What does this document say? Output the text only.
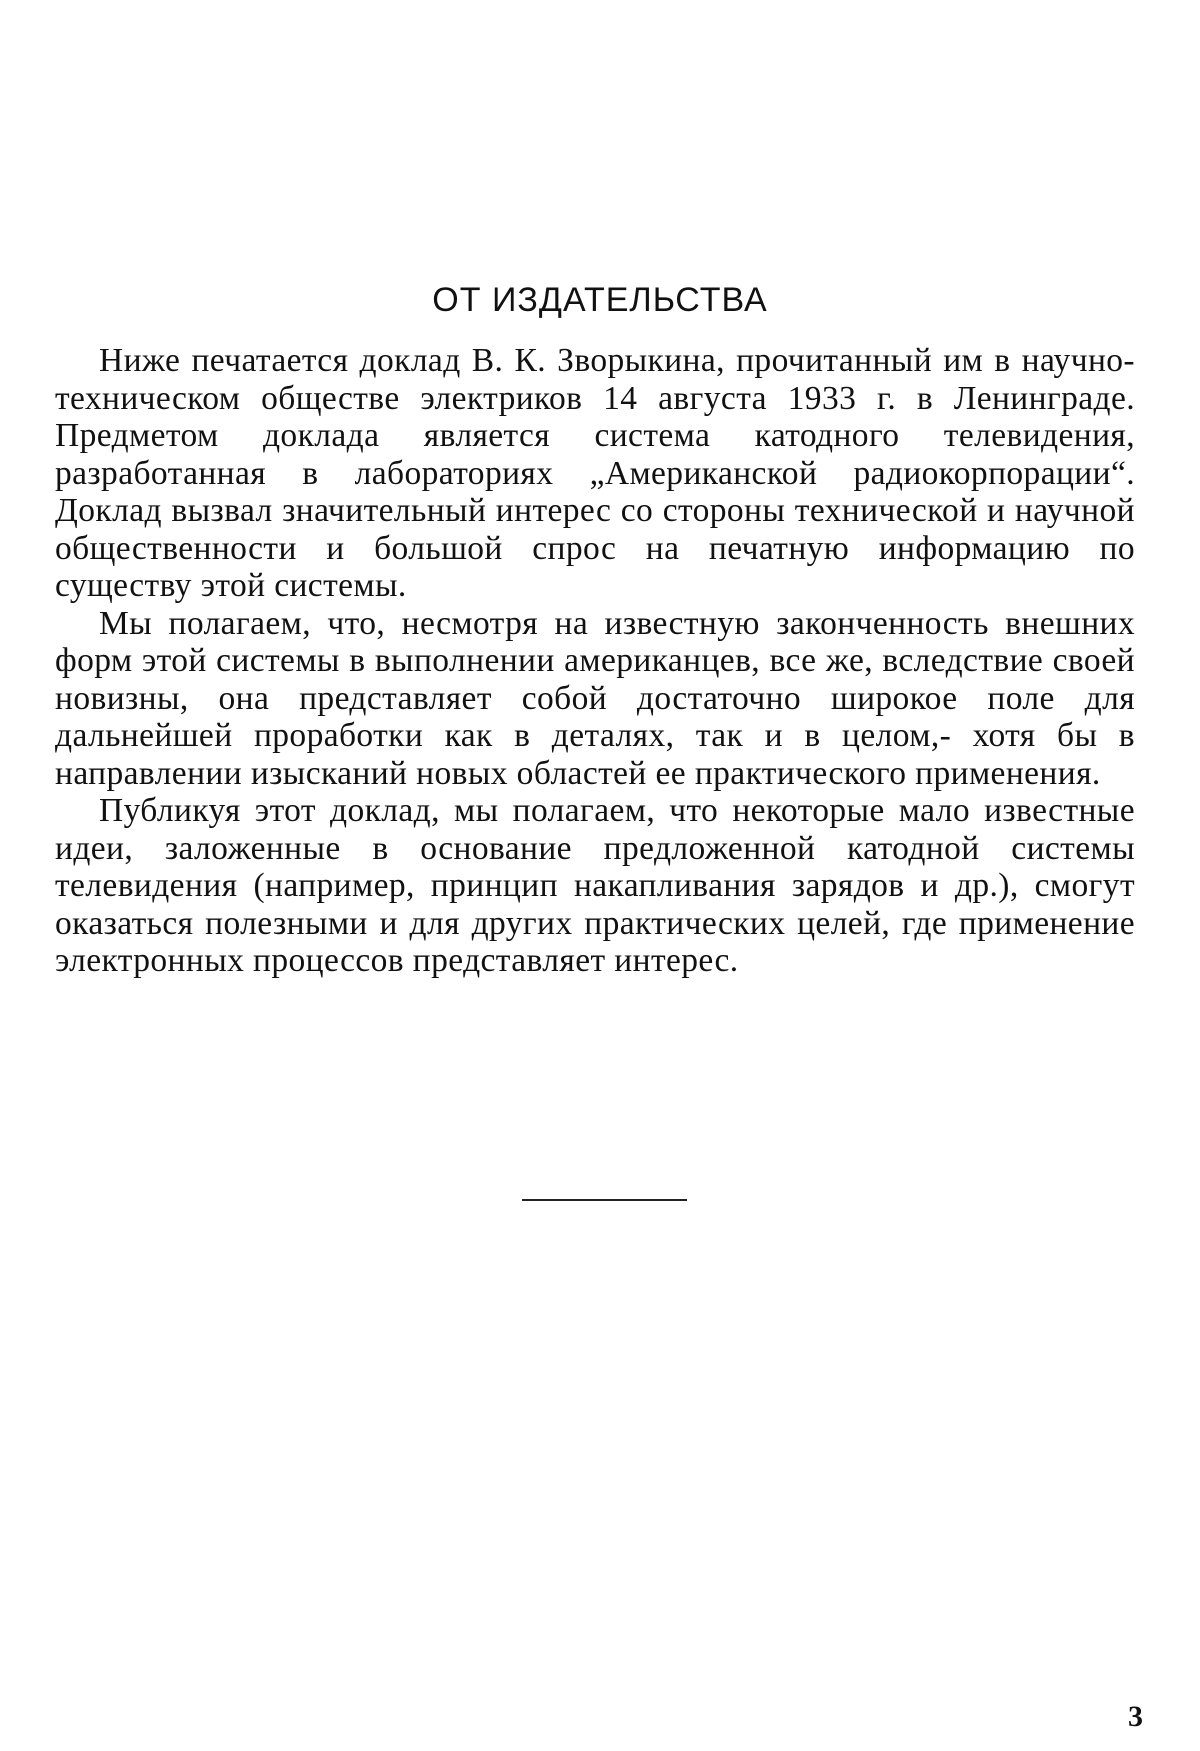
ОТ ИЗДАТЕЛЬСТВА

Ниже печатается доклад В. К. Зворыкина, прочитанный им в научно-техническом обществе электриков 14 августа 1933 г. в Ленинграде. Предметом доклада является система катодного телевидения, разработанная в лабораториях „Американской радиокорпорации“. Доклад вызвал значительный интерес со стороны технической и научной общественности и большой спрос на печатную информацию по существу этой системы.

Мы полагаем, что, несмотря на известную законченность внешних форм этой системы в выполнении американцев, все же, вследствие своей новизны, она представляет собой достаточно широкое поле для дальнейшей проработки как в деталях, так и в целом,- хотя бы в направлении изысканий новых областей ее практического применения.

Публикуя этот доклад, мы полагаем, что некоторые мало известные идеи, заложенные в основание предложенной катодной системы телевидения (например, принцип накапливания зарядов и др.), смогут оказаться полезными и для других практических целей, где применение электронных процессов представляет интерес.

3
